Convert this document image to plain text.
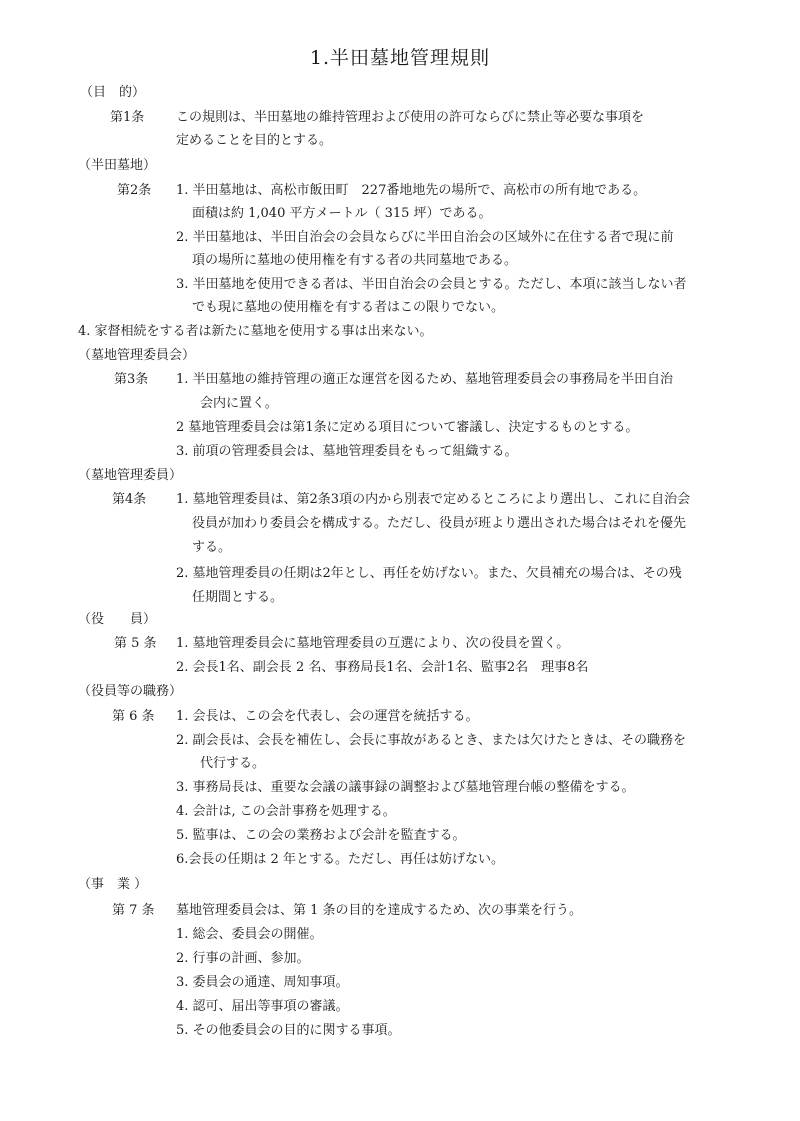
1.半田墓地管理規則
（目　的）
第1条	この規則は、半田墓地の維持管理および使用の許可ならびに禁止等必要な事項を
定めることを目的とする。
（半田墓地）
第2条	1. 半田墓地は、高松市飯田町　227番地地先の場所で、高松市の所有地である。
面積は約 1,040 平方メートル（ 315 坪）である。
2. 半田墓地は、半田自治会の会員ならびに半田自治会の区域外に在住する者で現に前
項の場所に墓地の使用権を有する者の共同墓地である。
3. 半田墓地を使用できる者は、半田自治会の会員とする。ただし、本項に該当しない者
でも現に墓地の使用権を有する者はこの限りでない。
4. 家督相続をする者は新たに墓地を使用する事は出来ない。
（墓地管理委員会）
第3条	1. 半田墓地の維持管理の適正な運営を図るため、墓地管理委員会の事務局を半田自治
会内に置く。
2 墓地管理委員会は第1条に定める項目について審議し、決定するものとする。
3. 前項の管理委員会は、墓地管理委員をもって組織する。
（墓地管理委員）
第4条	1. 墓地管理委員は、第2条3項の内から別表で定めるところにより選出し、これに自治会
役員が加わり委員会を構成する。ただし、役員が班より選出された場合はそれを優先
する。
2. 墓地管理委員の任期は2年とし、再任を妨げない。また、欠員補充の場合は、その残
任期間とする。
（役　　員）
第 5 条	1. 墓地管理委員会に墓地管理委員の互選により、次の役員を置く。
2. 会長1名、副会長 2 名、事務局長1名、会計1名、監事2名　理事8名
（役員等の職務）
第 6 条	1. 会長は、この会を代表し、会の運営を統括する。
2. 副会長は、会長を補佐し、会長に事故があるとき、または欠けたときは、その職務を
代行する。
3. 事務局長は、重要な会議の議事録の調整および墓地管理台帳の整備をする。
4. 会計は, この会計事務を処理する。
5. 監事は、この会の業務および会計を監査する。
6.会長の任期は 2 年とする。ただし、再任は妨げない。
（事　業 ）
第 7 条	墓地管理委員会は、第 1 条の目的を達成するため、次の事業を行う。
1. 総会、委員会の開催。
2. 行事の計画、参加。
3. 委員会の通達、周知事項。
4. 認可、届出等事項の審議。
5. その他委員会の目的に関する事項。
